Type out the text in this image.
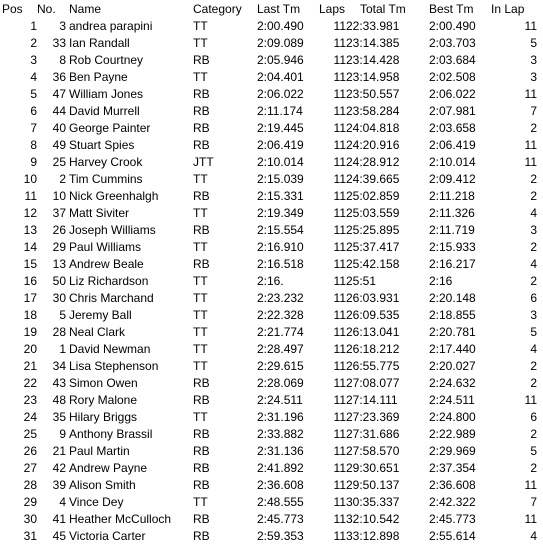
Pos No. Name	Category Last Tm Laps Total Tm Best Tm In Lap
1 3 andrea parapini	TT	2:00.490 11 22:33.981 2:00.490	11
2 33 Ian Randall	TT	2:09.089 11 23:14.385 2:03.703	5
3 8 Rob Courtney	RB	2:05.946 11 23:14.428 2:03.684	3
4 36 Ben Payne	TT	2:04.401 11 23:14.958 2:02.508	3
5 47 William Jones	RB	2:06.022 11 23:50.557 2:06.022	11
6 44 David Murrell	RB	2:11.174	11 23:58.284 2:07.981	7
7 40 George Painter	RB	2:19.445 11 24:04.818 2:03.658	2
8 49 Stuart Spies	RB	2:06.419 11 24:20.916 2:06.419	11
9 25 Harvey Crook	JTT	2:10.014 11 24:28.912 2:10.014	11
10 2 Tim Cummins	TT	2:15.039 11 24:39.665 2:09.412	2
11 10 Nick Greenhalgh	RB	2:15.331 11 25:02.859 2:11.218	2
12 37 Matt Siviter	TT	2:19.349 11 25:03.559 2:11.326	4
13 26 Joseph Williams	RB	2:15.554 11 25:25.895 2:11.719	3
14 29 Paul Williams	TT	2:16.910 11 25:37.417 2:15.933	2
15 13 Andrew Beale	RB	2:16.518 11 25:42.158 2:16.217	4
16 50 Liz Richardson	TT	2:16.	11 25:51	2:16	2
17 30 Chris Marchand	TT	2:23.232 11 26:03.931 2:20.148	6
18 5 Jeremy Ball	TT	2:22.328 11 26:09.535 2:18.855	3
19 28 Neal Clark	TT	2:21.774 11 26:13.041 2:20.781	5
20 1 David Newman	TT	2:28.497 11 26:18.212 2:17.440	4
21 34 Lisa Stephenson	TT	2:29.615 11 26:55.775 2:20.027	2
22 43 Simon Owen	RB	2:28.069 11 27:08.077 2:24.632	2
23 48 Rory Malone	RB	2:24.511	11 27:14.111	2:24.511	11
24 35 Hilary Briggs	TT	2:31.196 11 27:23.369 2:24.800	6
25 9 Anthony Brassil	RB	2:33.882 11 27:31.686 2:22.989	2
26 21 Paul Martin	RB	2:31.136 11 27:58.570 2:29.969	5
27 42 Andrew Payne	RB	2:41.892 11 29:30.651 2:37.354	2
28 39 Alison Smith	RB	2:36.608 11 29:50.137 2:36.608	11
29 4 Vince Dey	TT	2:48.555 11 30:35.337 2:42.322	7
30 41 Heather McCulloch RB	2:45.773 11 32:10.542 2:45.773	11
31 45 Victoria Carter	RB	2:59.353 11 33:12.898 2:55.614	4
